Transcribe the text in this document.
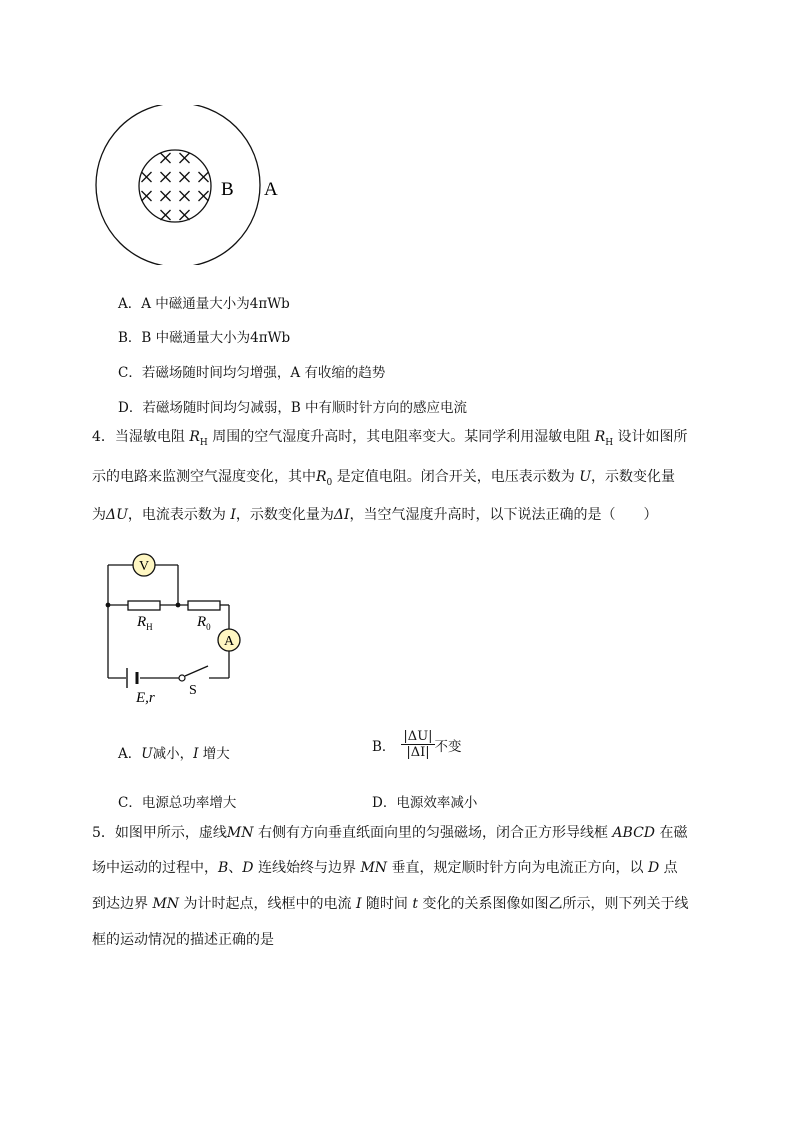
B A
A．A 中磁通量大小为4πWb
B．B 中磁通量大小为4πWb
C．若磁场随时间均匀增强，A 有收缩的趋势
D．若磁场随时间均匀减弱，B 中有顺时针方向的感应电流
4．当湿敏电阻 $R_H$ 周围的空气湿度升高时，其电阻率变大。某同学利用湿敏电阻 $R_H$ 设计如图所
示的电路来监测空气湿度变化，其中$R_0$ 是定值电阻。闭合开关，电压表示数为 U，示数变化量
为ΔU，电流表示数为 I，示数变化量为ΔI，当空气湿度升高时，以下说法正确的是（　　）
V
A
$R_H$	$R_0$
E,r S
A．U减小，I 增大	B． $\frac{|\Delta U|}{|\Delta I|}$ 不变
C．电源总功率增大	D．电源效率减小
5．如图甲所示，虚线MN 右侧有方向垂直纸面向里的匀强磁场，闭合正方形导线框 ABCD 在磁
场中运动的过程中，B、D 连线始终与边界 MN 垂直，规定顺时针方向为电流正方向，以 D 点
到达边界 MN 为计时起点，线框中的电流 I 随时间 t 变化的关系图像如图乙所示，则下列关于线
框的运动情况的描述正确的是
